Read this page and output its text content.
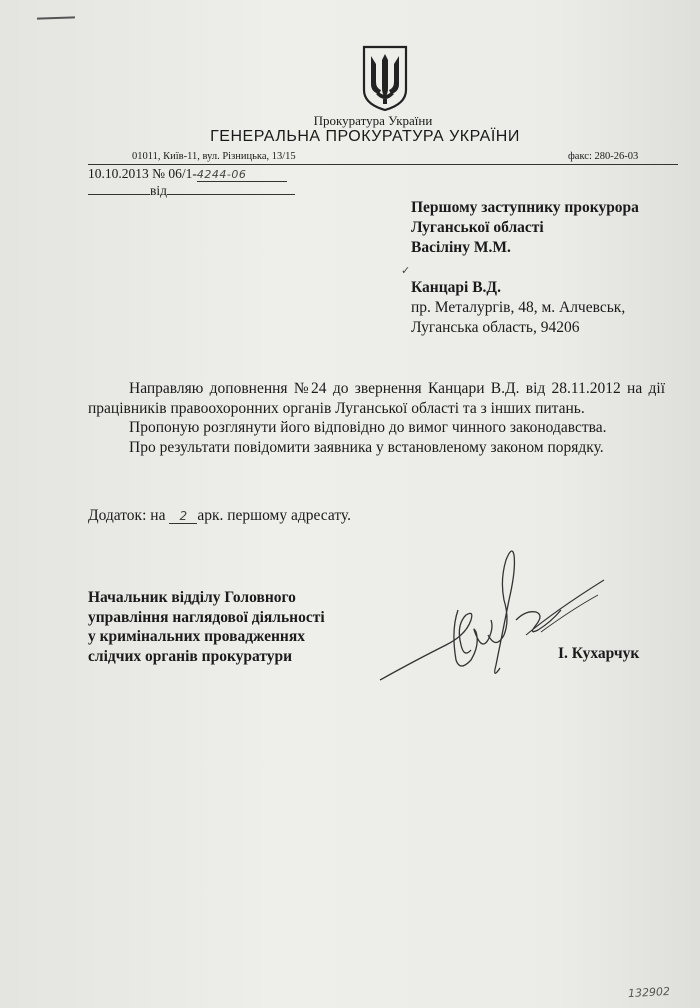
Прокуратура України
ГЕНЕРАЛЬНА ПРОКУРАТУРА УКРАЇНИ
01011, Київ-11, вул. Різницька, 13/15	факс: 280-26-03
10.10.2013 № 06/1-4244-06
від
Першому заступнику прокурора
Луганської області
Васіліну М.М.
Канцарі В.Д.
пр. Металургів, 48, м. Алчевськ,
Луганська область, 94206
✓

Направляю доповнення №24 до звернення Канцари В.Д. від 28.11.2012 на дії працівників правоохоронних органів Луганської області та з інших питань.

Пропоную розглянути його відповідно до вимог чинного законодавства.

Про результати повідомити заявника у встановленому законом порядку.

Додаток: на 2 арк. першому адресату.
Начальник відділу Головного
управління наглядової діяльності
у кримінальних провадженнях
слідчих органів прокуратури	І. Кухарчук
132902
